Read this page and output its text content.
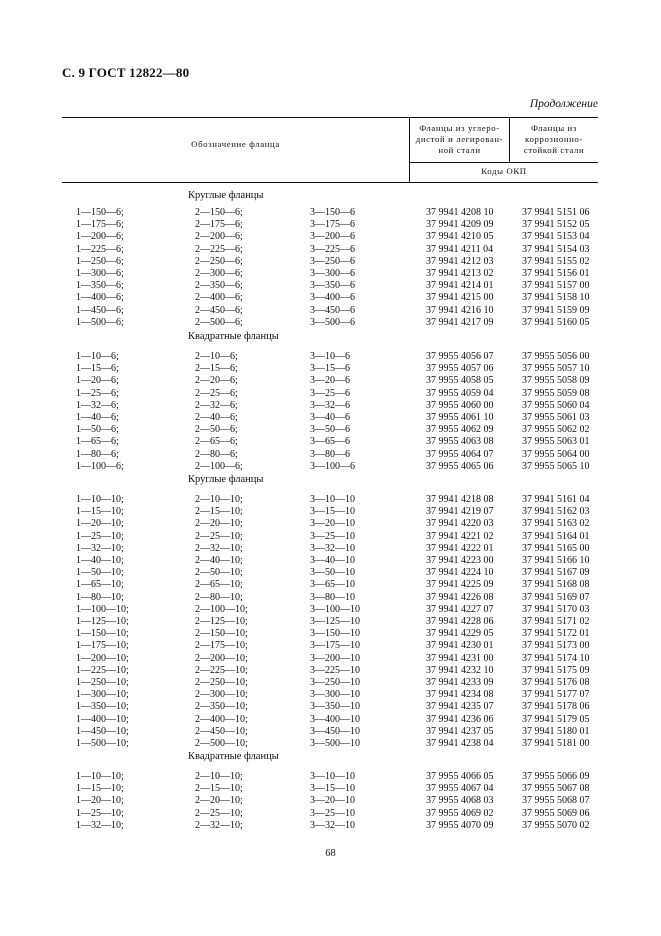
С. 9 ГОСТ 12822—80
Продолжение
Обозначение фланца
Фланцы из углеро-
дистой и легирован-
ной стали
Фланцы из
коррозионно-
стойкой стали
Коды ОКП
Круглые фланцы
1—150—6;	2—150—6;	3—150—6	37 9941 4208 10	37 9941 5151 06
1—175—6;	2—175—6;	3—175—6	37 9941 4209 09	37 9941 5152 05
1—200—6;	2—200—6;	3—200—6	37 9941 4210 05	37 9941 5153 04
1—225—6;	2—225—6;	3—225—6	37 9941 4211 04	37 9941 5154 03
1—250—6;	2—250—6;	3—250—6	37 9941 4212 03	37 9941 5155 02
1—300—6;	2—300—6;	3—300—6	37 9941 4213 02	37 9941 5156 01
1—350—6;	2—350—6;	3—350—6	37 9941 4214 01	37 9941 5157 00
1—400—6;	2—400—6;	3—400—6	37 9941 4215 00	37 9941 5158 10
1—450—6;	2—450—6;	3—450—6	37 9941 4216 10	37 9941 5159 09
1—500—6;	2—500—6;	3—500—6	37 9941 4217 09	37 9941 5160 05
Квадратные фланцы
1—10—6;	2—10—6;	3—10—6	37 9955 4056 07	37 9955 5056 00
1—15—6;	2—15—6;	3—15—6	37 9955 4057 06	37 9955 5057 10
1—20—6;	2—20—6;	3—20—6	37 9955 4058 05	37 9955 5058 09
1—25—6;	2—25—6;	3—25—6	37 9955 4059 04	37 9955 5059 08
1—32—6;	2—32—6;	3—32—6	37 9955 4060 00	37 9955 5060 04
1—40—6;	2—40—6;	3—40—6	37 9955 4061 10	37 9955 5061 03
1—50—6;	2—50—6;	3—50—6	37 9955 4062 09	37 9955 5062 02
1—65—6;	2—65—6;	3—65—6	37 9955 4063 08	37 9955 5063 01
1—80—6;	2—80—6;	3—80—6	37 9955 4064 07	37 9955 5064 00
1—100—6;	2—100—6;	3—100—6	37 9955 4065 06	37 9955 5065 10
Круглые фланцы
1—10—10;	2—10—10;	3—10—10	37 9941 4218 08	37 9941 5161 04
1—15—10;	2—15—10;	3—15—10	37 9941 4219 07	37 9941 5162 03
1—20—10;	2—20—10;	3—20—10	37 9941 4220 03	37 9941 5163 02
1—25—10;	2—25—10;	3—25—10	37 9941 4221 02	37 9941 5164 01
1—32—10;	2—32—10;	3—32—10	37 9941 4222 01	37 9941 5165 00
1—40—10;	2—40—10;	3—40—10	37 9941 4223 00	37 9941 5166 10
1—50—10;	2—50—10;	3—50—10	37 9941 4224 10	37 9941 5167 09
1—65—10;	2—65—10;	3—65—10	37 9941 4225 09	37 9941 5168 08
1—80—10;	2—80—10;	3—80—10	37 9941 4226 08	37 9941 5169 07
1—100—10;	2—100—10;	3—100—10	37 9941 4227 07	37 9941 5170 03
1—125—10;	2—125—10;	3—125—10	37 9941 4228 06	37 9941 5171 02
1—150—10;	2—150—10;	3—150—10	37 9941 4229 05	37 9941 5172 01
1—175—10;	2—175—10;	3—175—10	37 9941 4230 01	37 9941 5173 00
1—200—10;	2—200—10;	3—200—10	37 9941 4231 00	37 9941 5174 10
1—225—10;	2—225—10;	3—225—10	37 9941 4232 10	37 9941 5175 09
1—250—10;	2—250—10;	3—250—10	37 9941 4233 09	37 9941 5176 08
1—300—10;	2—300—10;	3—300—10	37 9941 4234 08	37 9941 5177 07
1—350—10;	2—350—10;	3—350—10	37 9941 4235 07	37 9941 5178 06
1—400—10;	2—400—10;	3—400—10	37 9941 4236 06	37 9941 5179 05
1—450—10;	2—450—10;	3—450—10	37 9941 4237 05	37 9941 5180 01
1—500—10;	2—500—10;	3—500—10	37 9941 4238 04	37 9941 5181 00
Квадратные фланцы
1—10—10;	2—10—10;	3—10—10	37 9955 4066 05	37 9955 5066 09
1—15—10;	2—15—10;	3—15—10	37 9955 4067 04	37 9955 5067 08
1—20—10;	2—20—10;	3—20—10	37 9955 4068 03	37 9955 5068 07
1—25—10;	2—25—10;	3—25—10	37 9955 4069 02	37 9955 5069 06
1—32—10;	2—32—10;	3—32—10	37 9955 4070 09	37 9955 5070 02
68
